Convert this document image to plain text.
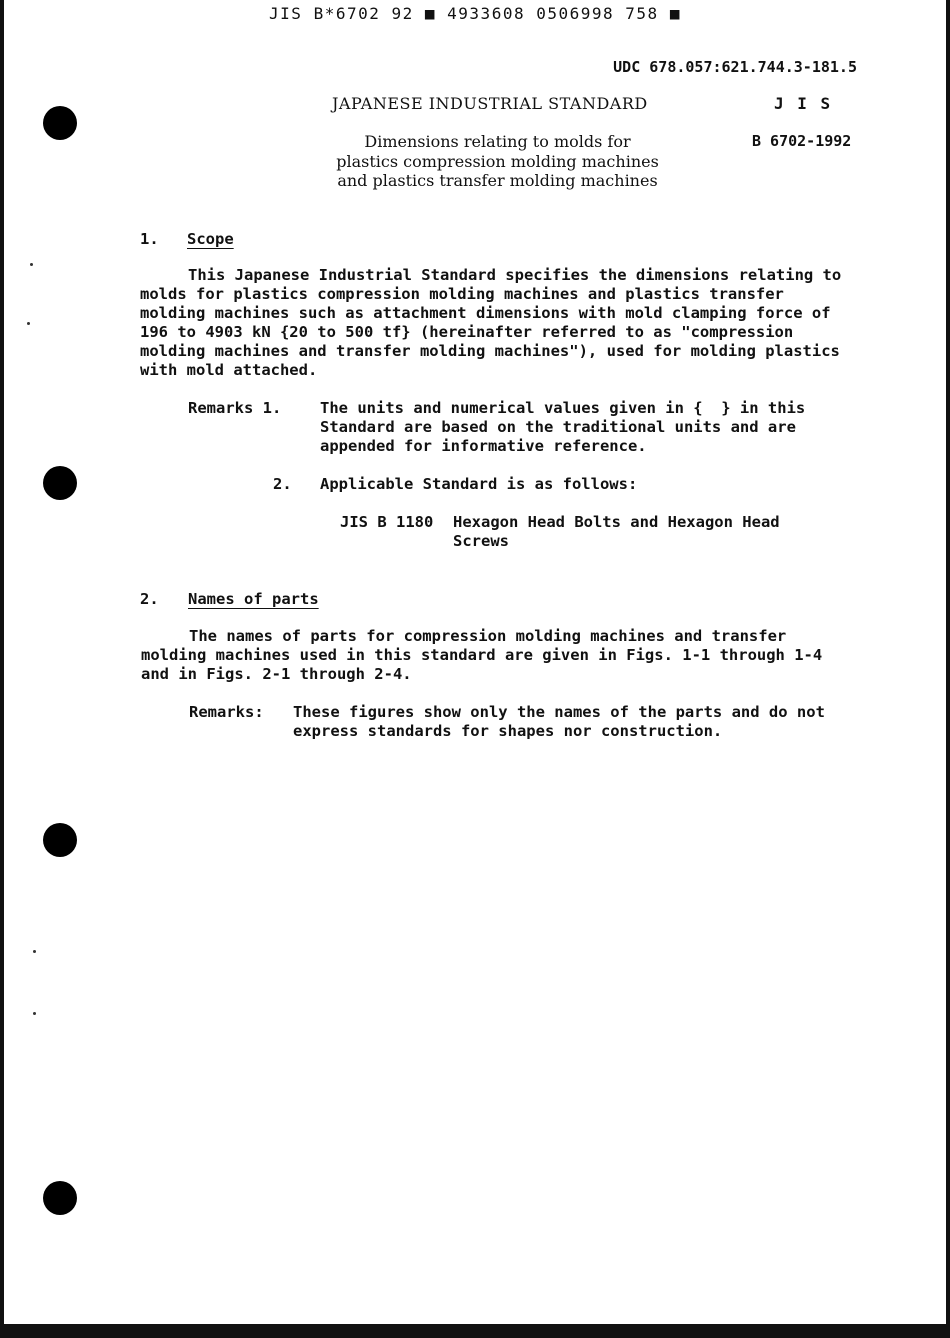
JIS B*6702 92 ■ 4933608 0506998 758 ■
UDC 678.057:621.744.3-181.5
JAPANESE INDUSTRIAL STANDARD	J I S
Dimensions relating to molds for
plastics compression molding machines
and plastics transfer molding machines
B 6702-1992
1. Scope
This Japanese Industrial Standard specifies the dimensions relating to
molds for plastics compression molding machines and plastics transfer
molding machines such as attachment dimensions with mold clamping force of
196 to 4903 kN {20 to 500 tf} (hereinafter referred to as "compression
molding machines and transfer molding machines"), used for molding plastics
with mold attached.
Remarks 1. The units and numerical values given in {  } in this
Standard are based on the traditional units and are
appended for informative reference.
2. Applicable Standard is as follows:
JIS B 1180 Hexagon Head Bolts and Hexagon Head
Screws
2. Names of parts
The names of parts for compression molding machines and transfer
molding machines used in this standard are given in Figs. 1-1 through 1-4
and in Figs. 2-1 through 2-4.
Remarks: These figures show only the names of the parts and do not
express standards for shapes nor construction.
